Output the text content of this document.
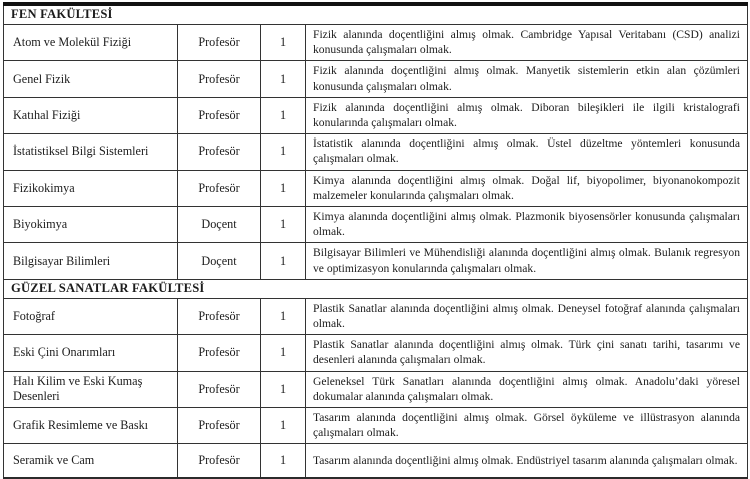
FEN FAKÜLTESİ			
Atom ve Molekül Fiziği	Profesör	1	Fizik alanında doçentliğini almış olmak. Cambridge Yapısal Veritabanı (CSD) analizi konusunda çalışmaları olmak.
Genel Fizik	Profesör	1	Fizik alanında doçentliğini almış olmak. Manyetik sistemlerin etkin alan çözümleri konusunda çalışmaları olmak.
Katıhal Fiziği	Profesör	1	Fizik alanında doçentliğini almış olmak. Diboran bileşikleri ile ilgili kristalografi konularında çalışmaları olmak.
İstatistiksel Bilgi Sistemleri	Profesör	1	İstatistik alanında doçentliğini almış olmak. Üstel düzeltme yöntemleri konusunda çalışmaları olmak.
Fizikokimya	Profesör	1	Kimya alanında doçentliğini almış olmak. Doğal lif, biyopolimer, biyonanokompozit malzemeler konularında çalışmaları olmak.
Biyokimya	Doçent	1	Kimya alanında doçentliğini almış olmak. Plazmonik biyosensörler konusunda çalışmaları olmak.
Bilgisayar Bilimleri	Doçent	1	Bilgisayar Bilimleri ve Mühendisliği alanında doçentliğini almış olmak. Bulanık regresyon ve optimizasyon konularında çalışmaları olmak.
GÜZEL SANATLAR FAKÜLTESİ			
Fotoğraf	Profesör	1	Plastik Sanatlar alanında doçentliğini almış olmak. Deneysel fotoğraf alanında çalışmaları olmak.
Eski Çini Onarımları	Profesör	1	Plastik Sanatlar alanında doçentliğini almış olmak. Türk çini sanatı tarihi, tasarımı ve desenleri alanında çalışmaları olmak.
Halı Kilim ve Eski Kumaş Desenleri	Profesör	1	Geleneksel Türk Sanatları alanında doçentliğini almış olmak. Anadolu’daki yöresel dokumalar alanında çalışmaları olmak.
Grafik Resimleme ve Baskı	Profesör	1	Tasarım alanında doçentliğini almış olmak. Görsel öyküleme ve illüstrasyon alanında çalışmaları olmak.
Seramik ve Cam	Profesör	1	Tasarım alanında doçentliğini almış olmak. Endüstriyel tasarım alanında çalışmaları olmak.
